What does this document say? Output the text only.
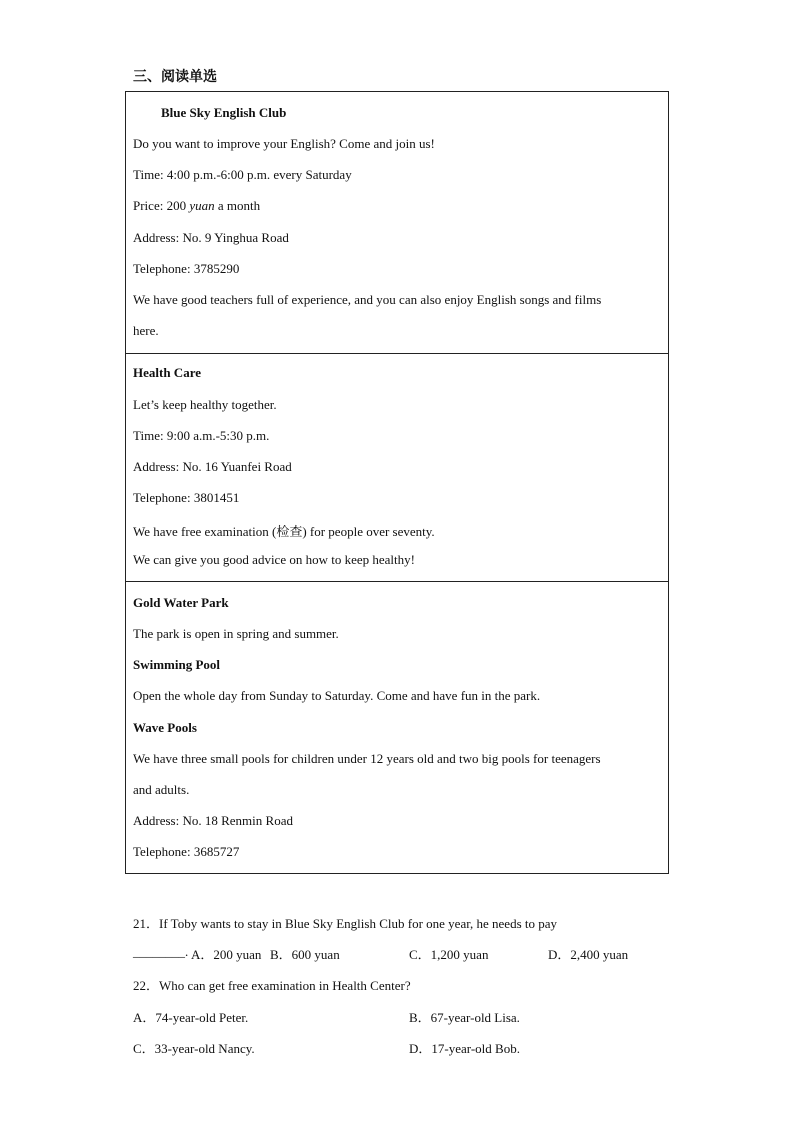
三、阅读单选
Blue Sky English Club
Do you want to improve your English? Come and join us!
Time: 4:00 p.m.-6:00 p.m. every Saturday
Price: 200 yuan a month
Address: No. 9 Yinghua Road
Telephone: 3785290
We have good teachers full of experience, and you can also enjoy English songs and films
here.
Health Care
Let’s keep healthy together.
Time: 9:00 a.m.-5:30 p.m.
Address: No. 16 Yuanfei Road
Telephone: 3801451
We have free examination (检查) for people over seventy.
We can give you good advice on how to keep healthy!
Gold Water Park
The park is open in spring and summer.
Swimming Pool
Open the whole day from Sunday to Saturday. Come and have fun in the park.
Wave Pools
We have three small pools for children under 12 years old and two big pools for teenagers
and adults.
Address: No. 18 Renmin Road
Telephone: 3685727
21．If Toby wants to stay in Blue Sky English Club for one year, he needs to pay
________. A．200 yuan B．600 yuan	C．1,200 yuan	D．2,400 yuan
22．Who can get free examination in Health Center?
A．74-year-old Peter.	B．67-year-old Lisa.
C．33-year-old Nancy.	D．17-year-old Bob.
